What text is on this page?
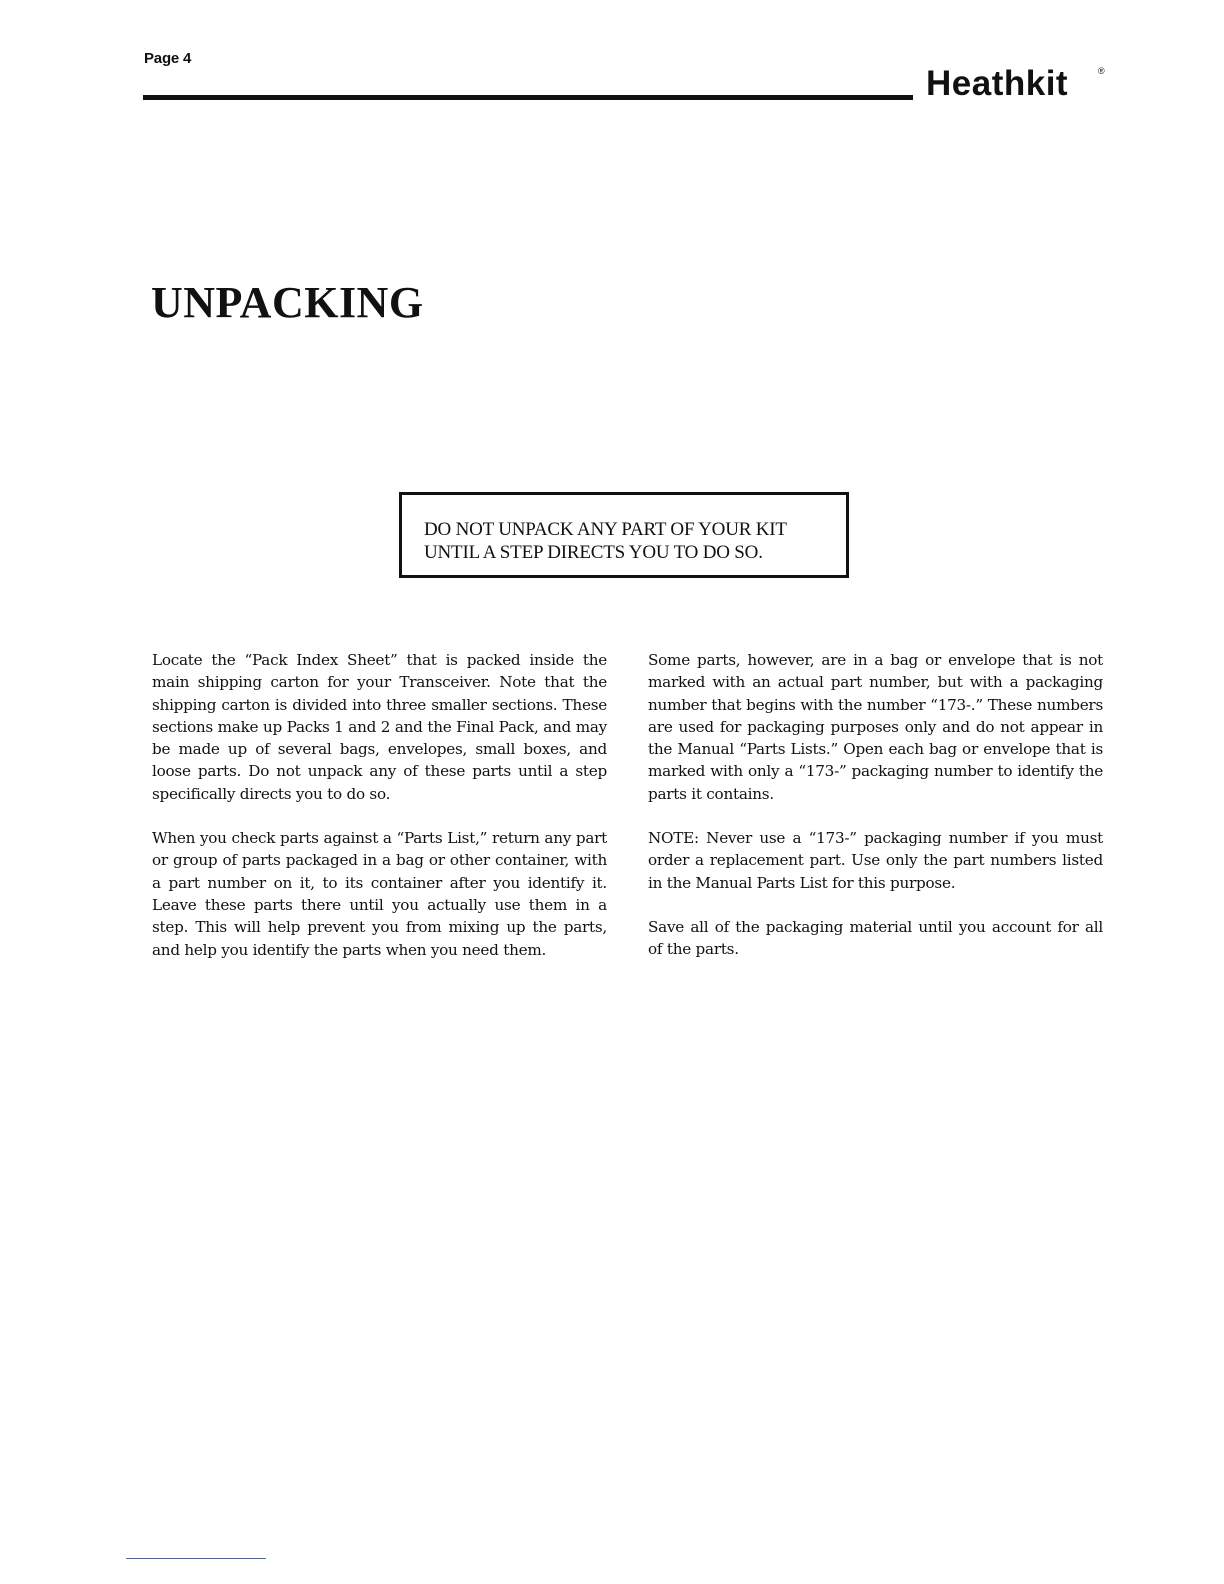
Page 4
Heathkit	®
UNPACKING
DO NOT UNPACK ANY PART OF YOUR KIT
UNTIL A STEP DIRECTS YOU TO DO SO.

Locate the “Pack Index Sheet” that is packed inside the main shipping carton for your Transceiver. Note that the shipping carton is divided into three smaller sections. These sections make up Packs 1 and 2 and the Final Pack, and may be made up of several bags, envelopes, small boxes, and loose parts. Do not unpack any of these parts until a step specifically directs you to do so.

When you check parts against a “Parts List,” return any part or group of parts packaged in a bag or other container, with a part number on it, to its container after you identify it. Leave these parts there until you actually use them in a step. This will help prevent you from mixing up the parts, and help you identify the parts when you need them.

Some parts, however, are in a bag or envelope that is not marked with an actual part number, but with a packaging number that begins with the number “173-.” These numbers are used for packaging purposes only and do not appear in the Manual “Parts Lists.” Open each bag or envelope that is marked with only a “173-” packaging number to identify the parts it contains.

NOTE: Never use a “173-” packaging number if you must order a replacement part. Use only the part numbers listed in the Manual Parts List for this purpose.

Save all of the packaging material until you account for all of the parts.
